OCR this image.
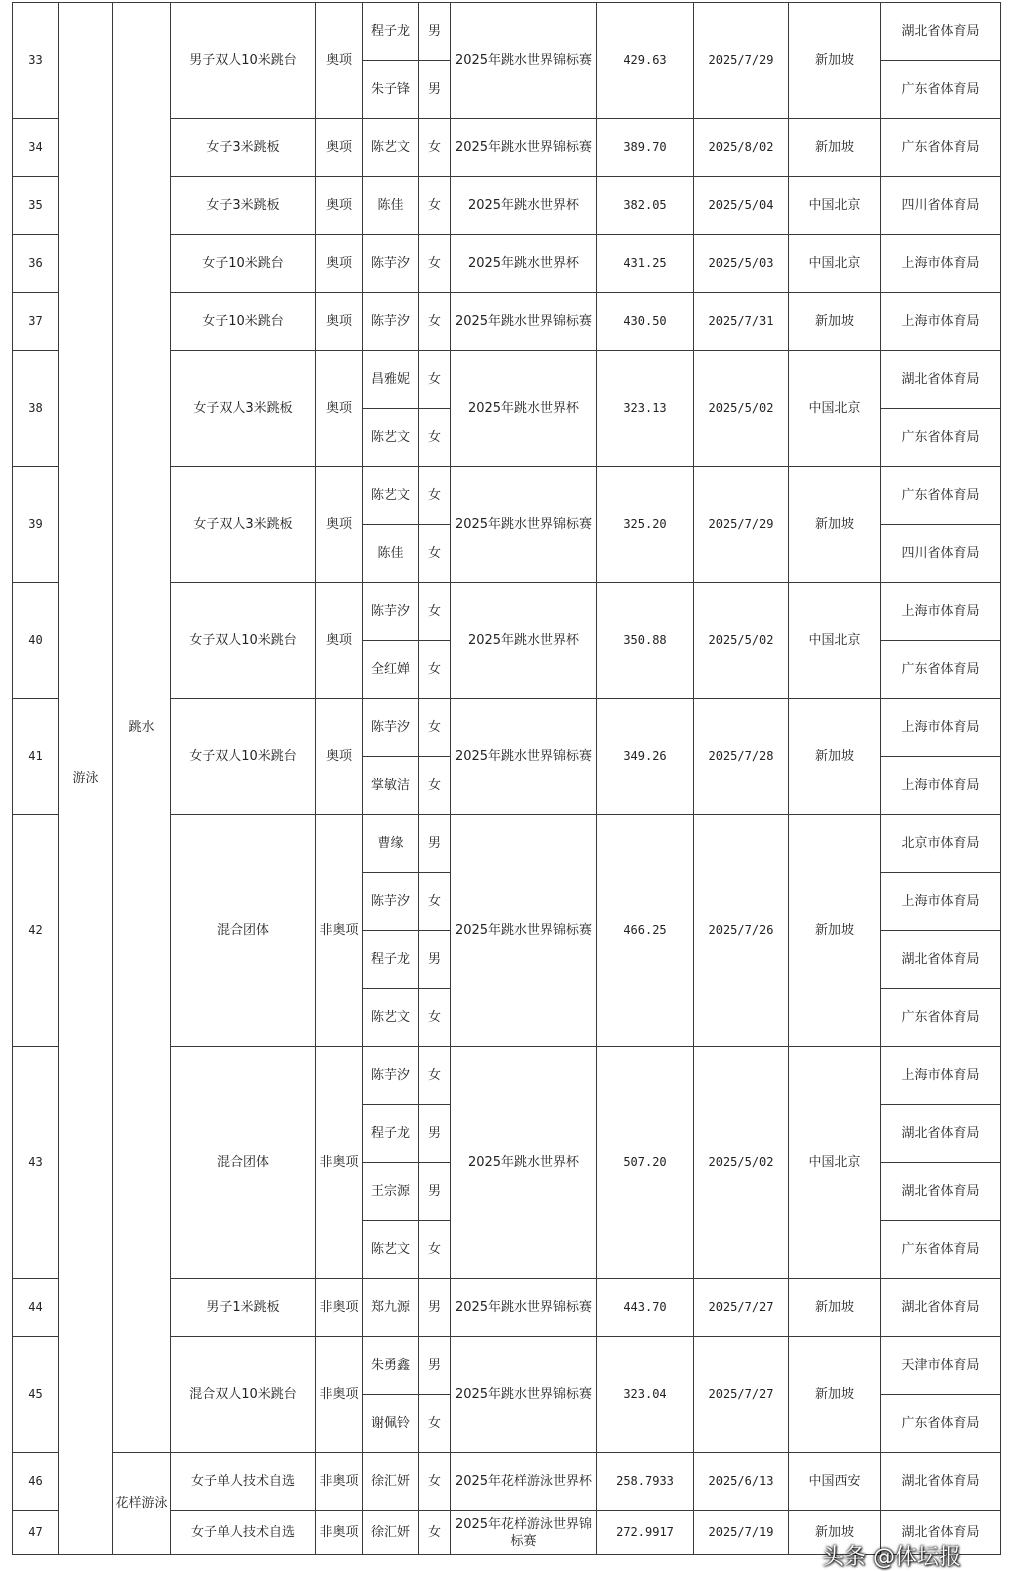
33	游泳	跳水	男子双人10米跳台	奥项	程子龙	男	2025年跳水世界锦标赛	429.63	2025/7/29	新加坡	湖北省体育局
					朱子锋	男					广东省体育局
34			女子3米跳板	奥项	陈艺文	女	2025年跳水世界锦标赛	389.70	2025/8/02	新加坡	广东省体育局
35			女子3米跳板	奥项	陈佳	女	2025年跳水世界杯	382.05	2025/5/04	中国北京	四川省体育局
36			女子10米跳台	奥项	陈芋汐	女	2025年跳水世界杯	431.25	2025/5/03	中国北京	上海市体育局
37			女子10米跳台	奥项	陈芋汐	女	2025年跳水世界锦标赛	430.50	2025/7/31	新加坡	上海市体育局
38			女子双人3米跳板	奥项	昌雅妮	女	2025年跳水世界杯	323.13	2025/5/02	中国北京	湖北省体育局
					陈艺文	女					广东省体育局
39			女子双人3米跳板	奥项	陈艺文	女	2025年跳水世界锦标赛	325.20	2025/7/29	新加坡	广东省体育局
					陈佳	女					四川省体育局
40			女子双人10米跳台	奥项	陈芋汐	女	2025年跳水世界杯	350.88	2025/5/02	中国北京	上海市体育局
					全红婵	女					广东省体育局
41			女子双人10米跳台	奥项	陈芋汐	女	2025年跳水世界锦标赛	349.26	2025/7/28	新加坡	上海市体育局
					掌敏洁	女					上海市体育局
42			混合团体	非奥项	曹缘	男	2025年跳水世界锦标赛	466.25	2025/7/26	新加坡	北京市体育局
					陈芋汐	女					上海市体育局
					程子龙	男					湖北省体育局
					陈艺文	女					广东省体育局
43			混合团体	非奥项	陈芋汐	女	2025年跳水世界杯	507.20	2025/5/02	中国北京	上海市体育局
					程子龙	男					湖北省体育局
					王宗源	男					湖北省体育局
					陈艺文	女					广东省体育局
44			男子1米跳板	非奥项	郑九源	男	2025年跳水世界锦标赛	443.70	2025/7/27	新加坡	湖北省体育局
45			混合双人10米跳台	非奥项	朱勇鑫	男	2025年跳水世界锦标赛	323.04	2025/7/27	新加坡	天津市体育局
					谢佩铃	女					广东省体育局
46		花样游泳	女子单人技术自选	非奥项	徐汇妍	女	2025年花样游泳世界杯	258.7933	2025/6/13	中国西安	湖北省体育局
47			女子单人技术自选	非奥项	徐汇妍	女	2025年花样游泳世界锦标赛	272.9917	2025/7/19	新加坡	湖北省体育局
头条 @体坛报
